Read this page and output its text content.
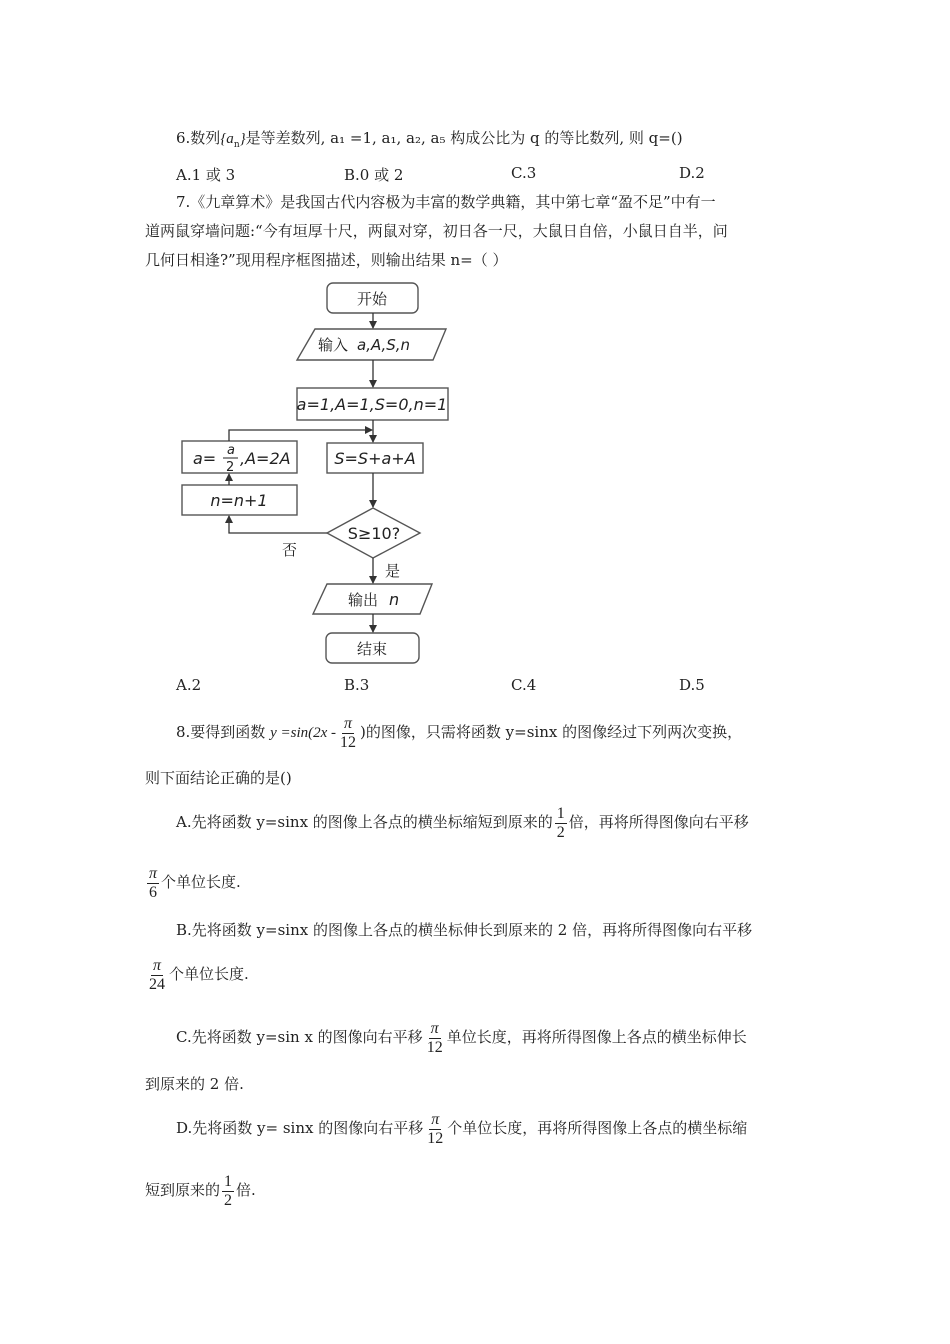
6.数列$\{a_n\}$是等差数列, a₁ =1, a₁, a₂, a₅ 构成公比为 q 的等比数列, 则 q=()
A.1 或 3	B.0 或 2	C.3	D.2
7.《九章算术》是我国古代内容极为丰富的数学典籍，其中第七章“盈不足”中有一
道两鼠穿墙问题:“今有垣厚十尺，两鼠对穿，初日各一尺，大鼠日自倍，小鼠日自半，问
几何日相逢?”现用程序框图描述，则输出结果 n=（ ）
开始
输入 a,A,S,n
a=1,A=1,S=0,n=1
S=S+a+A
a= a
2 ,A=2A
n=n+1
S≥10?
否
是
输出 n
结束
A.2	B.3	C.4	D.5
8.要得到函数 $y =\sin(2x - \frac{\pi}{12}$ )的图像，只需将函数 y=sinx 的图像经过下列两次变换，
则下面结论正确的是()
A.先将函数 y=sinx 的图像上各点的横坐标缩短到原来的 $\frac{1}{2}$ 倍，再将所得图像向右平移
$\frac{\pi}{6}$ 个单位长度.
B.先将函数 y=sinx 的图像上各点的横坐标伸长到原来的 2 倍，再将所得图像向右平移
$\frac{\pi}{24}$ 个单位长度.
C.先将函数 y=sin x 的图像向右平移 $\frac{\pi}{12}$ 单位长度，再将所得图像上各点的横坐标伸长
到原来的 2 倍.
D.先将函数 y= sinx 的图像向右平移 $\frac{\pi}{12}$ 个单位长度，再将所得图像上各点的横坐标缩
短到原来的 $\frac{1}{2}$ 倍.
